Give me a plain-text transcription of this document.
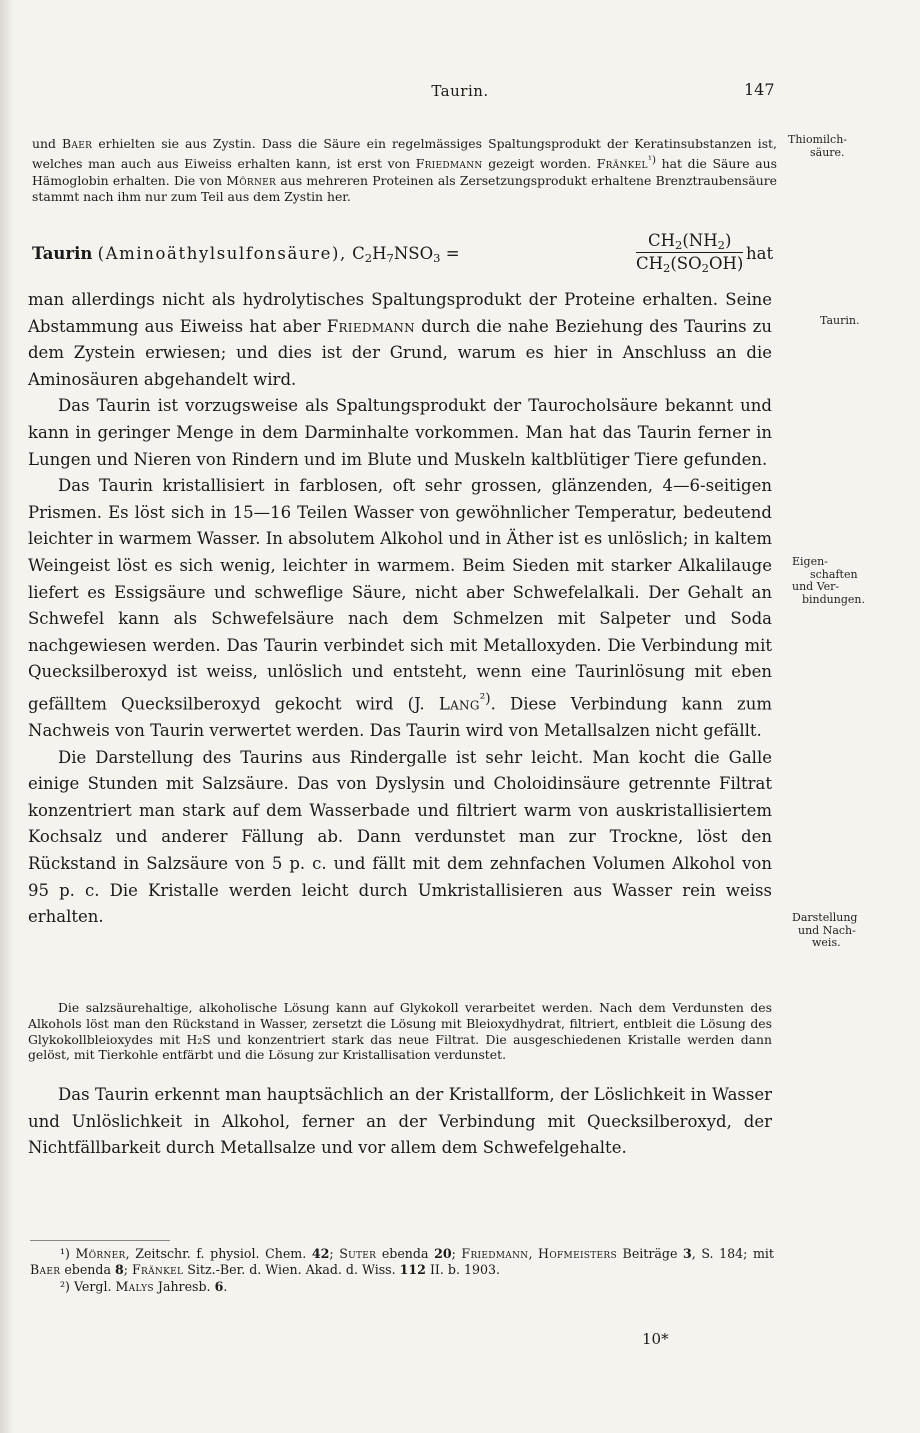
Taurin.	147

und Baer erhielten sie aus Zystin. Dass die Säure ein regelmässiges Spaltungsprodukt der Keratinsubstanzen ist, welches man auch aus Eiweiss erhalten kann, ist erst von Friedmann gezeigt worden. Fränkel$^{^1)}$ hat die Säure aus Hämoglobin erhalten. Die von Mörner aus mehreren Proteinen als Zersetzungsprodukt erhaltene Brenztraubensäure stammt nach ihm nur zum Teil aus dem Zystin her.

Taurin (Aminoäthylsulfonsäure), $C_2H_7NSO_3$ =	$\frac{CH_2(NH_2)}{CH_2(SO_2OH)}$ hat

man allerdings nicht als hydrolytisches Spaltungsprodukt der Proteine erhalten. Seine Abstammung aus Eiweiss hat aber Friedmann durch die nahe Beziehung des Taurins zu dem Zystein erwiesen; und dies ist der Grund, warum es hier in Anschluss an die Aminosäuren abgehandelt wird.

Das Taurin ist vorzugsweise als Spaltungsprodukt der Taurocholsäure bekannt und kann in geringer Menge in dem Darminhalte vorkommen. Man hat das Taurin ferner in Lungen und Nieren von Rindern und im Blute und Muskeln kaltblütiger Tiere gefunden.

Das Taurin kristallisiert in farblosen, oft sehr grossen, glänzenden, 4—6-seitigen Prismen. Es löst sich in 15—16 Teilen Wasser von gewöhnlicher Temperatur, bedeutend leichter in warmem Wasser. In absolutem Alkohol und in Äther ist es unlöslich; in kaltem Weingeist löst es sich wenig, leichter in warmem. Beim Sieden mit starker Alkalilauge liefert es Essigsäure und schweflige Säure, nicht aber Schwefelalkali. Der Gehalt an Schwefel kann als Schwefelsäure nach dem Schmelzen mit Salpeter und Soda nachgewiesen werden. Das Taurin verbindet sich mit Metalloxyden. Die Verbindung mit Quecksilberoxyd ist weiss, unlöslich und entsteht, wenn eine Taurinlösung mit eben gefälltem Quecksilberoxyd gekocht wird (J. Lang$^{^2)}$. Diese Verbindung kann zum Nachweis von Taurin verwertet werden. Das Taurin wird von Metallsalzen nicht gefällt.

Die Darstellung des Taurins aus Rindergalle ist sehr leicht. Man kocht die Galle einige Stunden mit Salzsäure. Das von Dyslysin und Choloidinsäure getrennte Filtrat konzentriert man stark auf dem Wasserbade und filtriert warm von auskristallisiertem Kochsalz und anderer Fällung ab. Dann verdunstet man zur Trockne, löst den Rückstand in Salzsäure von 5 p. c. und fällt mit dem zehnfachen Volumen Alkohol von 95 p. c. Die Kristalle werden leicht durch Umkristallisieren aus Wasser rein weiss erhalten.

Die salzsäurehaltige, alkoholische Lösung kann auf Glykokoll verarbeitet werden. Nach dem Verdunsten des Alkohols löst man den Rückstand in Wasser, zersetzt die Lösung mit Bleioxydhydrat, filtriert, entbleit die Lösung des Glykokollbleioxydes mit H₂S und konzentriert stark das neue Filtrat. Die ausgeschiedenen Kristalle werden dann gelöst, mit Tierkohle entfärbt und die Lösung zur Kristallisation verdunstet.

Das Taurin erkennt man hauptsächlich an der Kristallform, der Löslichkeit in Wasser und Unlöslichkeit in Alkohol, ferner an der Verbindung mit Quecksilberoxyd, der Nichtfällbarkeit durch Metallsalze und vor allem dem Schwefelgehalte.

¹) Mörner, Zeitschr. f. physiol. Chem. 42; Suter ebenda 20; Friedmann, Hofmeisters Beiträge 3, S. 184; mit Baer ebenda 8; Fränkel Sitz.-Ber. d. Wien. Akad. d. Wiss. 112 II. b. 1903.

²) Vergl. Malys Jahresb. 6.

10*
Thiomilch-
säure.
Taurin.
Eigen-
schaften
und Ver-
bindungen.
Darstellung
und Nach-
weis.
